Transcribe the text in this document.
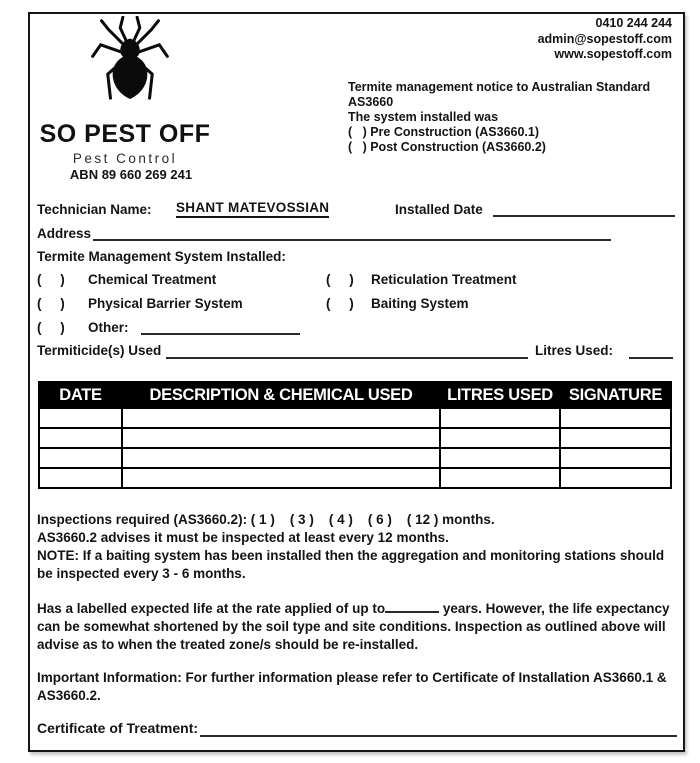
SO PEST OFF
Pest Control
ABN 89 660 269 241
0410 244 244
admin@sopestoff.com
www.sopestoff.com
Termite management notice to Australian Standard
AS3660
The system installed was
(   ) Pre Construction (AS3660.1)
(   ) Post Construction (AS3660.2)
Technician Name: SHANT MATEVOSSIAN	Installed Date
Address
Termite Management System Installed:
(     ) Chemical Treatment	(     ) Reticulation Treatment
(     ) Physical Barrier System	(     ) Baiting System
(     ) Other:
Termiticide(s) Used	Litres Used:
DATE	DESCRIPTION & CHEMICAL USED	LITRES USED	SIGNATURE

Inspections required (AS3660.2): ( 1 )    ( 3 )    ( 4 )    ( 6 )    ( 12 ) months.
AS3660.2 advises it must be inspected at least every 12 months.
NOTE: If a baiting system has been installed then the aggregation and monitoring stations should be inspected every 3 - 6 months.

Has a labelled expected life at the rate applied of up to	years. However, the life expectancy can be somewhat shortened by the soil type and site conditions. Inspection as outlined above will advise as to when the treated zone/s should be re-installed.

Important Information: For further information please refer to Certificate of Installation AS3660.1 & AS3660.2.

Certificate of Treatment:
